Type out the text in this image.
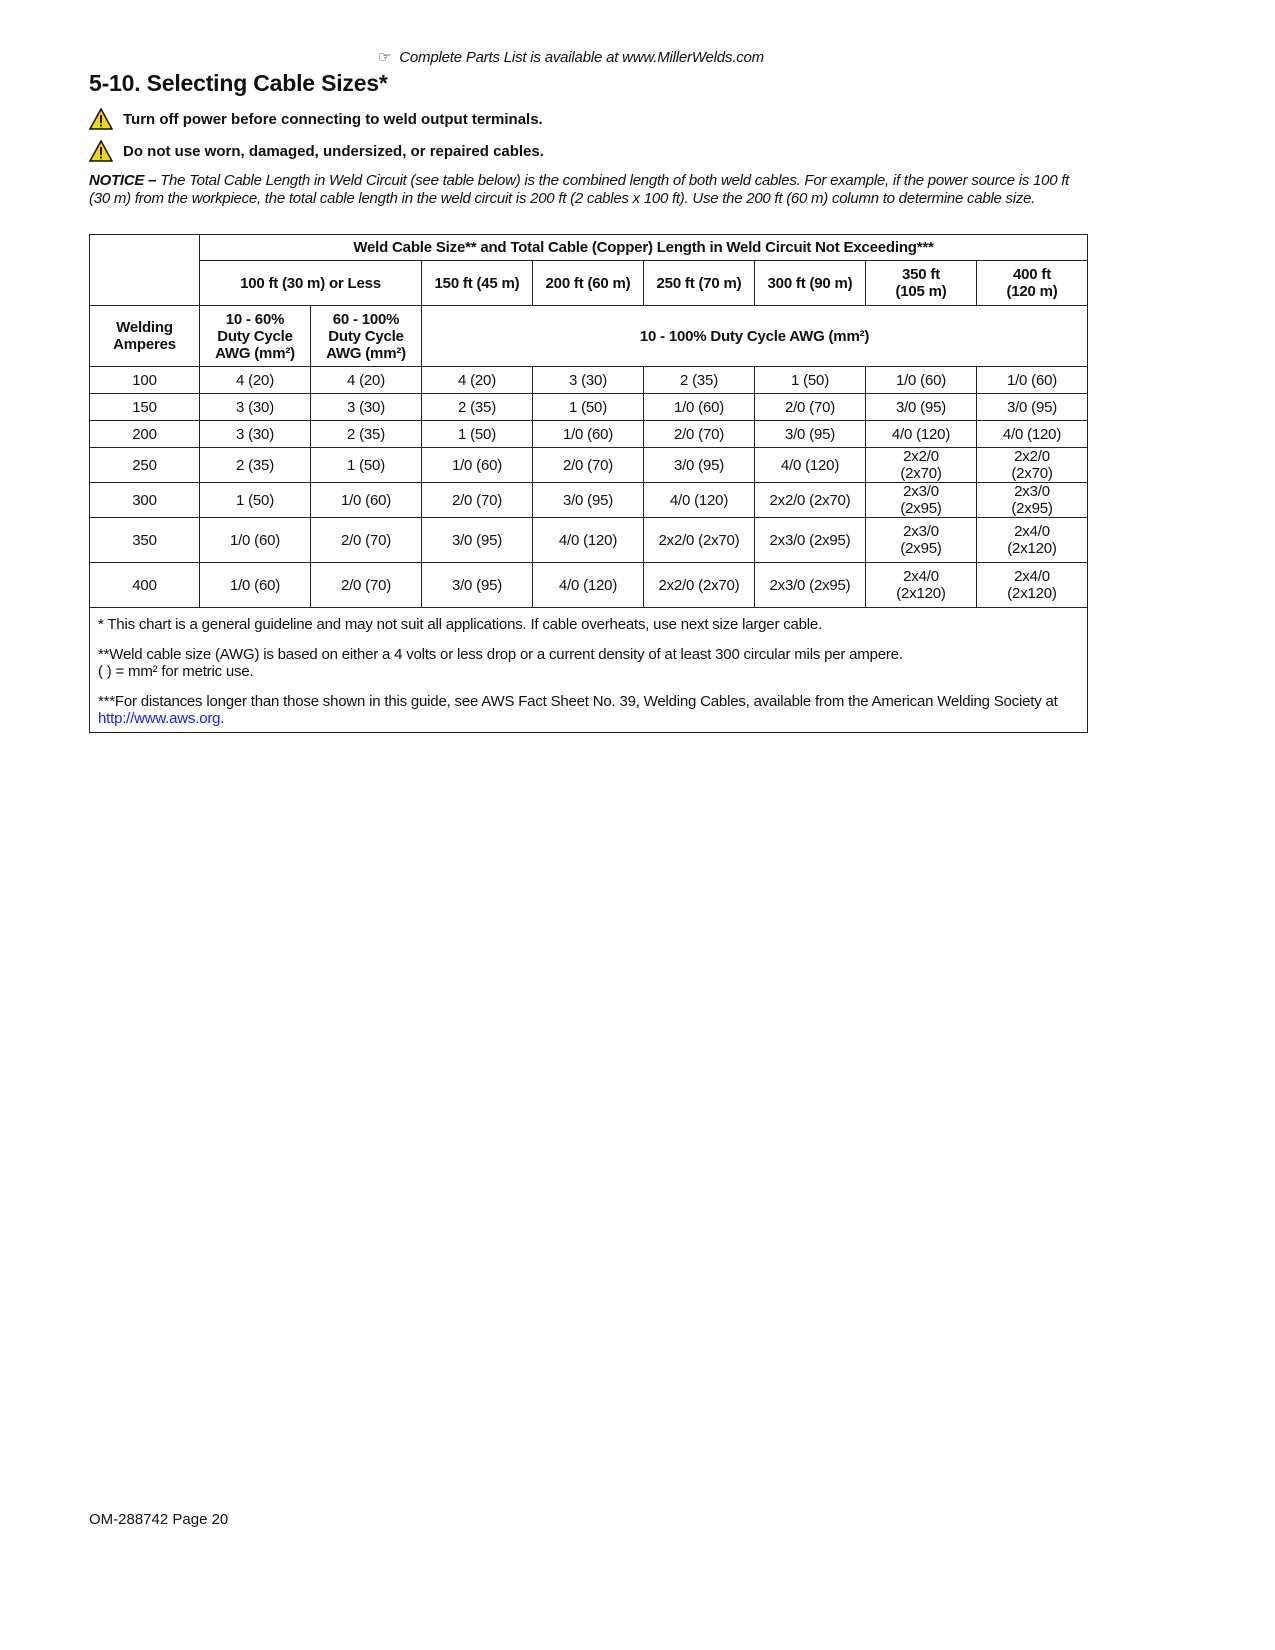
☞ Complete Parts List is available at www.MillerWelds.com
5-10. Selecting Cable Sizes*
Turn off power before connecting to weld output terminals.
Do not use worn, damaged, undersized, or repaired cables.
NOTICE – The Total Cable Length in Weld Circuit (see table below) is the combined length of both weld cables. For example, if the power source is 100 ft (30 m) from the workpiece, the total cable length in the weld circuit is 200 ft (2 cables x 100 ft). Use the 200 ft (60 m) column to determine cable size.
	Weld Cable Size** and Total Cable (Copper) Length in Weld Circuit Not Exceeding***							
	100 ft (30 m) or Less		150 ft (45 m)	200 ft (60 m)	250 ft (70 m)	300 ft (90 m)	350 ft (105 m)	400 ft (120 m)
Welding Amperes	10 - 60% Duty Cycle AWG (mm²)	60 - 100% Duty Cycle AWG (mm²)	10 - 100% Duty Cycle AWG (mm²)					
100	4 (20)	4 (20)	4 (20)	3 (30)	2 (35)	1 (50)	1/0 (60)	1/0 (60)
150	3 (30)	3 (30)	2 (35)	1 (50)	1/0 (60)	2/0 (70)	3/0 (95)	3/0 (95)
200	3 (30)	2 (35)	1 (50)	1/0 (60)	2/0 (70)	3/0 (95)	4/0 (120)	4/0 (120)
250	2 (35)	1 (50)	1/0 (60)	2/0 (70)	3/0 (95)	4/0 (120)	2x2/0 (2x70)	2x2/0 (2x70)
300	1 (50)	1/0 (60)	2/0 (70)	3/0 (95)	4/0 (120)	2x2/0 (2x70)	2x3/0 (2x95)	2x3/0 (2x95)
350	1/0 (60)	2/0 (70)	3/0 (95)	4/0 (120)	2x2/0 (2x70)	2x3/0 (2x95)	2x3/0 (2x95)	2x4/0 (2x120)
400	1/0 (60)	2/0 (70)	3/0 (95)	4/0 (120)	2x2/0 (2x70)	2x3/0 (2x95)	2x4/0 (2x120)	2x4/0 (2x120)

* This chart is a general guideline and may not suit all applications. If cable overheats, use next size larger cable.

**Weld cable size (AWG) is based on either a 4 volts or less drop or a current density of at least 300 circular mils per ampere.
( ) = mm² for metric use.

***For distances longer than those shown in this guide, see AWS Fact Sheet No. 39, Welding Cables, available from the American Welding Society at http://www.aws.org.								

OM-288742 Page 20
